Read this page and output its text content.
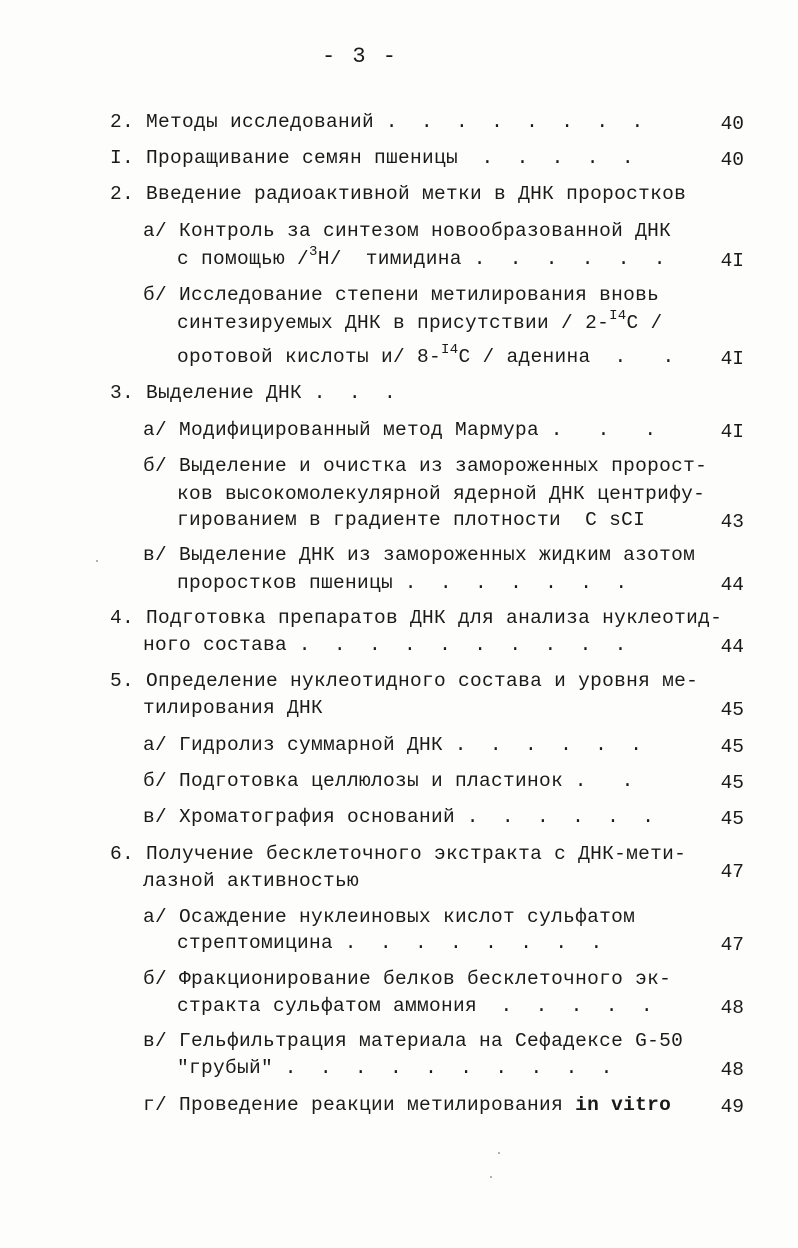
- 3 -
2. Методы исследований .  .  .  .  .  .  .  .	40
I. Проращивание семян пшеницы  .  .  .  .  .	40
2. Введение радиоактивной метки в ДНК проростков
а/ Контроль за синтезом новообразованной ДНК
с помощью /$^3$Н/  тимидина .  .  .  .  .  .	4I
б/ Исследование степени метилирования вновь
синтезируемых ДНК в присутствии / 2-$^{I4}$С /
оротовой кислоты и/ 8-$^{I4}$С / аденина  .   .	4I
3. Выделение ДНК .  .  .
а/ Модифицированный метод Мармура .   .   .	4I
б/ Выделение и очистка из замороженных пророст-
ков высокомолекулярной ядерной ДНК центрифу-
гированием в градиенте плотности  С sCI	43
в/ Выделение ДНК из замороженных жидким азотом
проростков пшеницы .  .  .  .  .  .  .	44
4. Подготовка препаратов ДНК для анализа нуклеотид-
ного состава .  .  .  .  .  .  .  .  .  .	44
5. Определение нуклеотидного состава и уровня ме-
тилирования ДНК	45
а/ Гидролиз суммарной ДНК .  .  .  .  .  .	45
б/ Подготовка целлюлозы и пластинок .   .	45
в/ Хроматография оснований .  .  .  .  .  .	45
6. Получение бесклеточного экстракта с ДНК-мети-
лазной активностью	47
а/ Осаждение нуклеиновых кислот сульфатом
стрептомицина .  .  .  .  .  .  .  .	47
б/ Фракционирование белков бесклеточного эк-
стракта сульфатом аммония  .  .  .  .  .	48
в/ Гельфильтрация материала на Сефадексе G-50
"грубый" .  .  .  .  .  .  .  .  .  .	48
г/ Проведение реакции метилирования in vitro	49
